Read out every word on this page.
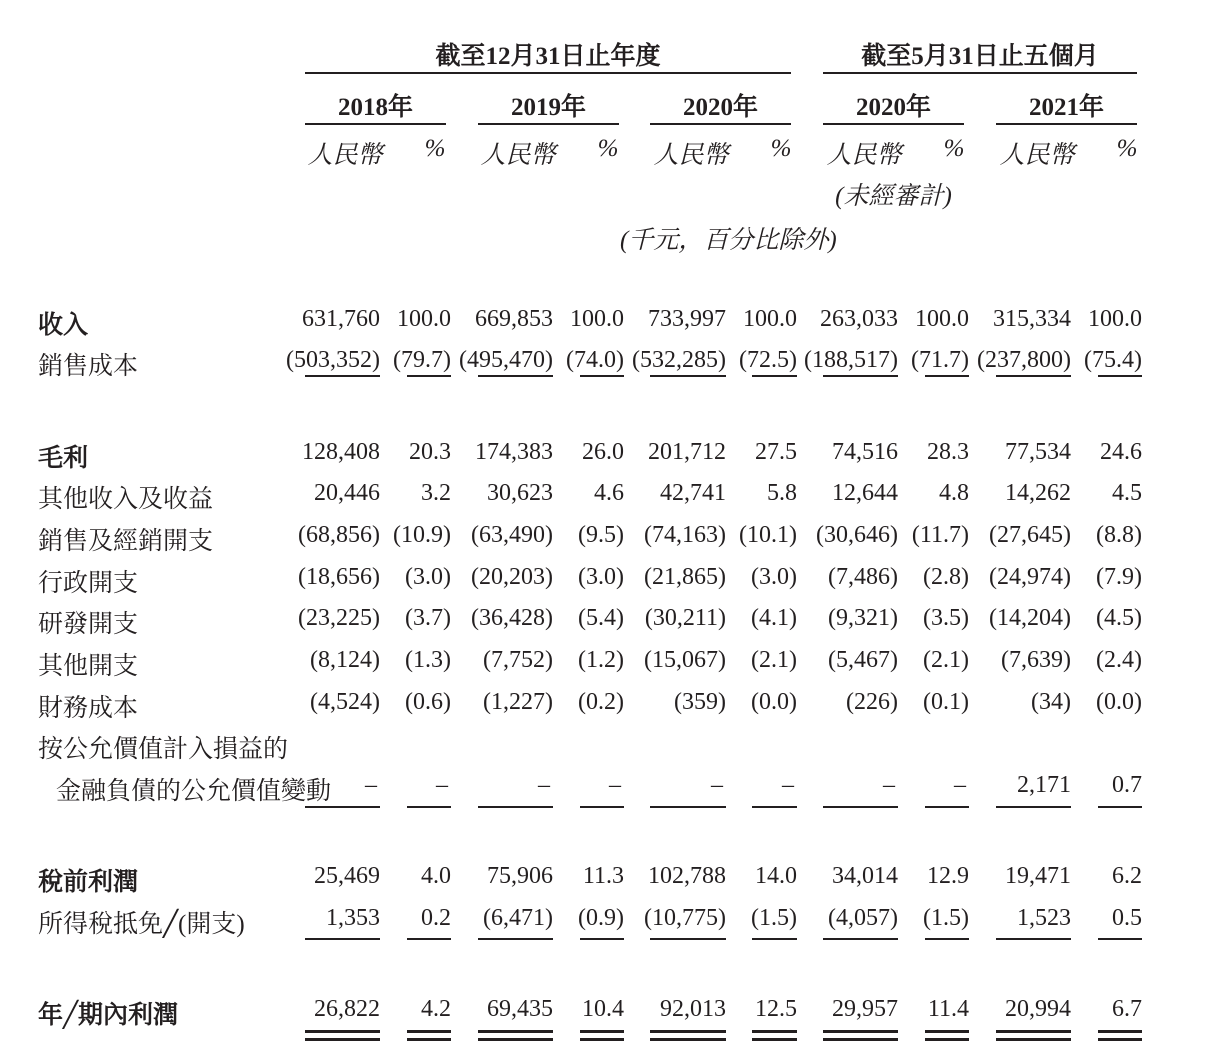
截至12月31日止年度	截至5月31日止五個月
2018年	2019年	2020年	2020年	2021年
人民幣 % 人民幣 % 人民幣 % 人民幣 % 人民幣 %
(未經審計)
(千元，百分比除外)
收入	631,760 100.0	669,853 100.0	733,997 100.0 263,033 100.0	315,334 100.0
銷售成本	(503,352) (79.7) (495,470) (74.0) (532,285) (72.5) (188,517) (71.7) (237,800) (75.4)
毛利	128,408	20.3	174,383	26.0	201,712	27.5	74,516	28.3	77,534	24.6
其他收入及收益	20,446	3.2	30,623	4.6	42,741	5.8	12,644	4.8	14,262	4.5
銷售及經銷開支	(68,856) (10.9) (63,490)	(9.5) (74,163) (10.1) (30,646) (11.7) (27,645)	(8.8)
行政開支	(18,656)	(3.0) (20,203)	(3.0) (21,865)	(3.0)	(7,486)	(2.8) (24,974)	(7.9)
研發開支	(23,225)	(3.7) (36,428)	(5.4) (30,211)	(4.1)	(9,321)	(3.5) (14,204)	(4.5)
其他開支	(8,124)	(1.3)	(7,752)	(1.2) (15,067)	(2.1)	(5,467)	(2.1)	(7,639)	(2.4)
財務成本	(4,524)	(0.6)	(1,227)	(0.2)	(359)	(0.0)	(226)	(0.1)	(34)	(0.0)
按公允價值計入損益的
金融負債的公允價值變動	–	–	–	–	–	–	–	–	2,171	0.7
稅前利潤	25,469	4.0	75,906	11.3	102,788	14.0	34,014	12.9	19,471	6.2
所得稅抵免╱(開支)	1,353	0.2	(6,471)	(0.9) (10,775)	(1.5)	(4,057)	(1.5)	1,523	0.5
年╱期內利潤	26,822	4.2	69,435	10.4	92,013	12.5	29,957	11.4	20,994	6.7
